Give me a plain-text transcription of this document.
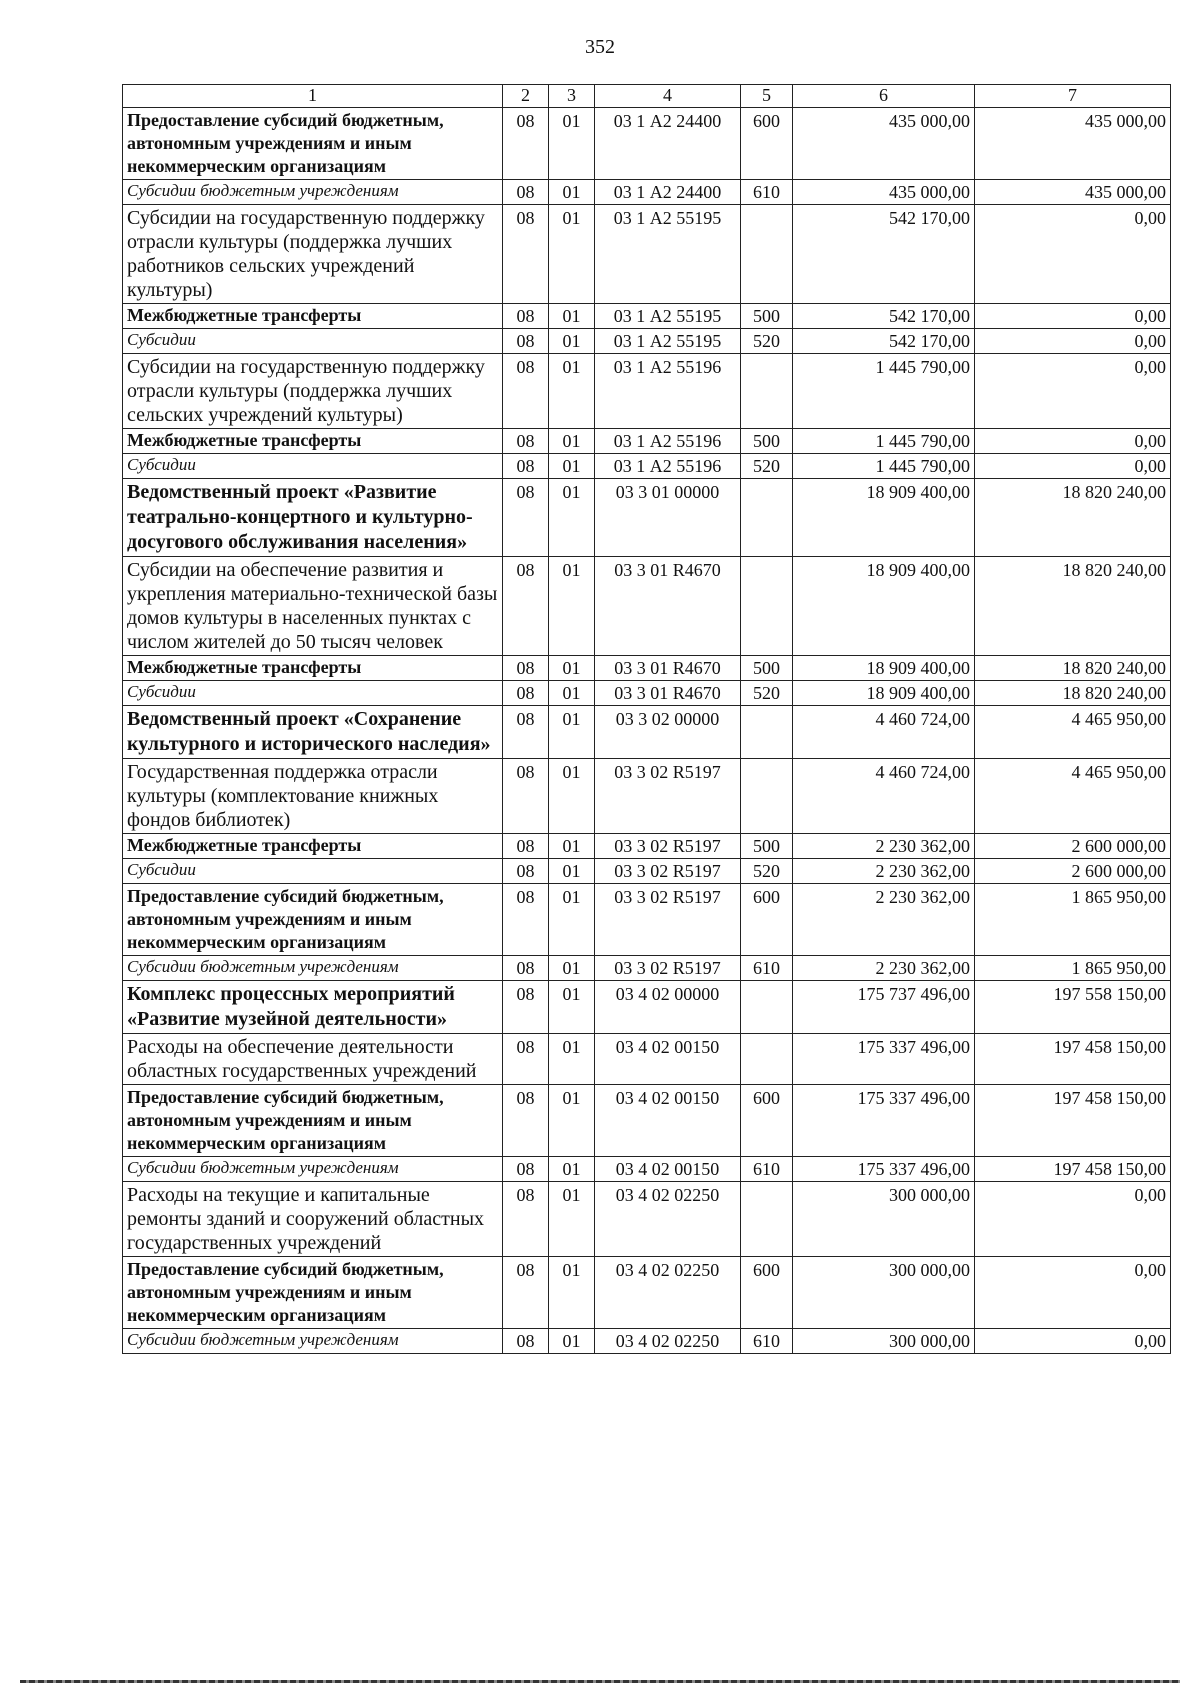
352
1	2	3	4	5	6	7
Предоставление субсидий бюджетным, автономным учреждениям и иным некоммерческим организациям	08	01	03 1 А2 24400	600	435 000,00	435 000,00
Субсидии бюджетным учреждениям	08	01	03 1 А2 24400	610	435 000,00	435 000,00
Субсидии на государственную поддержку отрасли культуры (поддержка лучших работников сельских учреждений культуры)	08	01	03 1 А2 55195		542 170,00	0,00
Межбюджетные трансферты	08	01	03 1 А2 55195	500	542 170,00	0,00
Субсидии	08	01	03 1 А2 55195	520	542 170,00	0,00
Субсидии на государственную поддержку отрасли культуры (поддержка лучших сельских учреждений культуры)	08	01	03 1 А2 55196		1 445 790,00	0,00
Межбюджетные трансферты	08	01	03 1 А2 55196	500	1 445 790,00	0,00
Субсидии	08	01	03 1 А2 55196	520	1 445 790,00	0,00
Ведомственный проект «Развитие театрально-концертного и культурно-досугового обслуживания населения»	08	01	03 3 01 00000		18 909 400,00	18 820 240,00
Субсидии на обеспечение развития и укрепления материально-технической базы домов культуры в населенных пунктах с числом жителей до 50 тысяч человек	08	01	03 3 01 R4670		18 909 400,00	18 820 240,00
Межбюджетные трансферты	08	01	03 3 01 R4670	500	18 909 400,00	18 820 240,00
Субсидии	08	01	03 3 01 R4670	520	18 909 400,00	18 820 240,00
Ведомственный проект «Сохранение культурного и исторического наследия»	08	01	03 3 02 00000		4 460 724,00	4 465 950,00
Государственная поддержка отрасли культуры (комплектование книжных фондов библиотек)	08	01	03 3 02 R5197		4 460 724,00	4 465 950,00
Межбюджетные трансферты	08	01	03 3 02 R5197	500	2 230 362,00	2 600 000,00
Субсидии	08	01	03 3 02 R5197	520	2 230 362,00	2 600 000,00
Предоставление субсидий бюджетным, автономным учреждениям и иным некоммерческим организациям	08	01	03 3 02 R5197	600	2 230 362,00	1 865 950,00
Субсидии бюджетным учреждениям	08	01	03 3 02 R5197	610	2 230 362,00	1 865 950,00
Комплекс процессных мероприятий «Развитие музейной деятельности»	08	01	03 4 02 00000		175 737 496,00	197 558 150,00
Расходы на обеспечение деятельности областных государственных учреждений	08	01	03 4 02 00150		175 337 496,00	197 458 150,00
Предоставление субсидий бюджетным, автономным учреждениям и иным некоммерческим организациям	08	01	03 4 02 00150	600	175 337 496,00	197 458 150,00
Субсидии бюджетным учреждениям	08	01	03 4 02 00150	610	175 337 496,00	197 458 150,00
Расходы на текущие и капитальные ремонты зданий и сооружений областных государственных учреждений	08	01	03 4 02 02250		300 000,00	0,00
Предоставление субсидий бюджетным, автономным учреждениям и иным некоммерческим организациям	08	01	03 4 02 02250	600	300 000,00	0,00
Субсидии бюджетным учреждениям	08	01	03 4 02 02250	610	300 000,00	0,00
